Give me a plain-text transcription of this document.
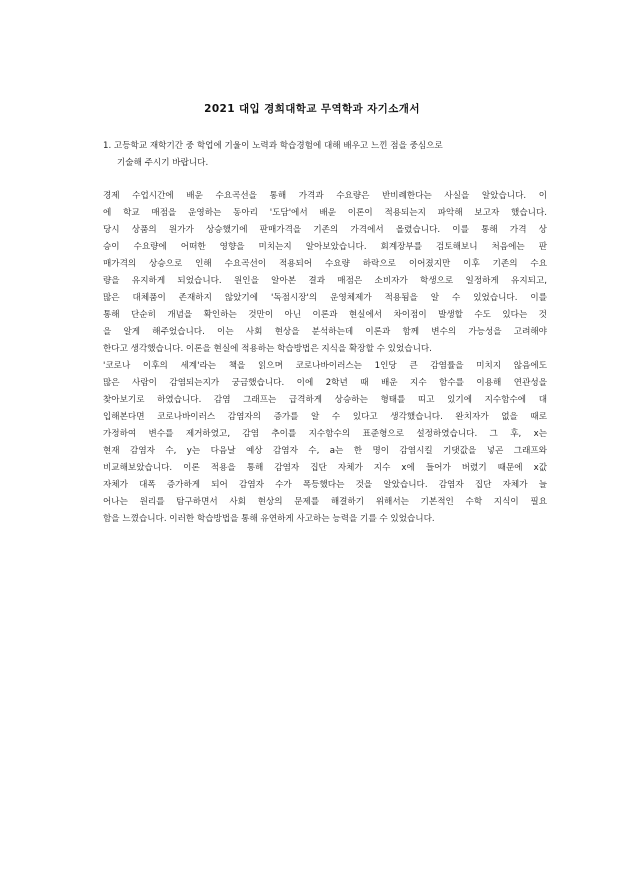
2021 대입 경희대학교 무역학과 자기소개서
1. 고등학교 재학기간 중 학업에 기울이 노력과 학습경험에 대해 배우고 느낀 점을 중심으로
기술해 주시기 바랍니다.
경제 수업시간에 배운 수요곡선을 통해 가격과 수요량은 반비례한다는 사실을 알았습니다. 이
에 학교 매점을 운영하는 동아리 '도담'에서 배운 이론이 적용되는지 파악해 보고자 했습니다.
당시 상품의 원가가 상승했기에 판매가격을 기존의 가격에서 올렸습니다. 이를 통해 가격 상
승이 수요량에 어떠한 영향을 미치는지 알아보았습니다. 회계장부를 검토해보니 처음에는 판
매가격의 상승으로 인해 수요곡선이 적용되어 수요량 하락으로 이어졌지만 이후 기존의 수요
량을 유지하게 되었습니다. 원인을 알아본 결과 매점은 소비자가 학생으로 일정하게 유지되고,
많은 대체품이 존재하지 않았기에 '독점시장'의 운영체제가 적용됨을 알 수 있었습니다. 이를
통해 단순히 개념을 확인하는 것만이 아닌 이론과 현실에서 차이점이 발생할 수도 있다는 것
을 알게 해주었습니다. 이는 사회 현상을 분석하는데 이론과 함께 변수의 가능성을 고려해야
한다고 생각했습니다. 이론을 현실에 적용하는 학습방법은 지식을 확장할 수 있었습니다.
'코로나 이후의 세계'라는 책을 읽으며 코로나바이러스는 1인당 큰 감염률을 미치지 않음에도
많은 사람이 감염되는지가 궁금했습니다. 이에 2학년 때 배운 지수 함수를 이용해 연관성을
찾아보기로 하였습니다. 감염 그래프는 급격하게 상승하는 형태를 띠고 있기에 지수함수에 대
입해본다면 코로나바이러스 감염자의 증가를 알 수 있다고 생각했습니다. 완치자가 없을 때로
가정하여 변수를 제거하였고, 감염 추이를 지수함수의 표준형으로 설정하였습니다. 그 후, x는
현재 감염자 수, y는 다음날 예상 감염자 수, a는 한 명이 감염시킬 기댓값을 넣곤 그래프와
비교해보았습니다. 이론 적용을 통해 감염자 집단 자체가 지수 x에 들어가 버렸기 때문에 x값
자체가 대폭 증가하게 되어 감염자 수가 폭등했다는 것을 알았습니다. 감염자 집단 자체가 늘
어나는 원리를 탐구하면서 사회 현상의 문제를 해결하기 위해서는 기본적인 수학 지식이 필요
함을 느꼈습니다. 이러한 학습방법을 통해 유연하게 사고하는 능력을 기를 수 있었습니다.
